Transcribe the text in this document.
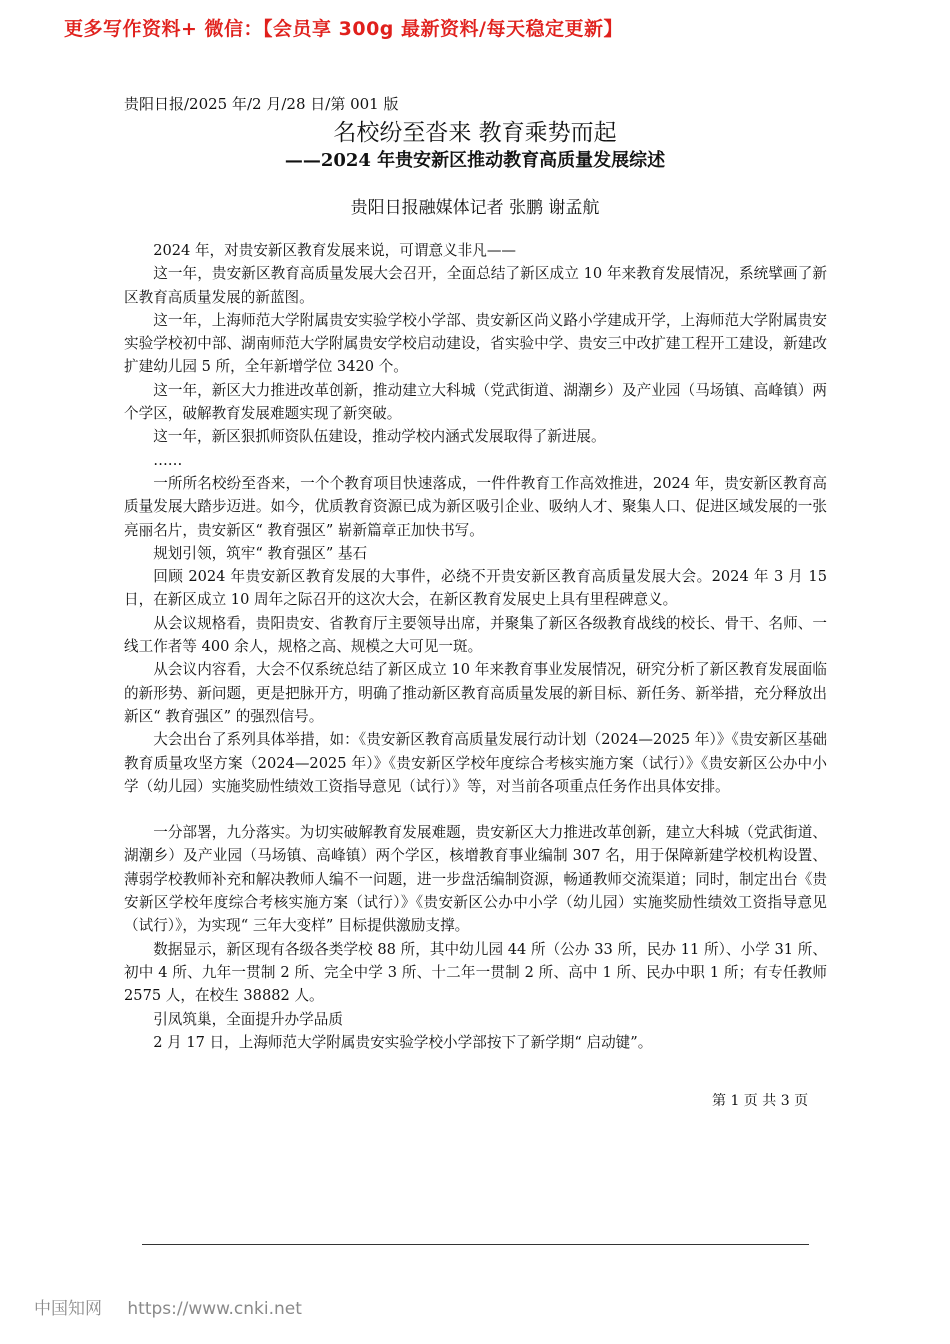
更多写作资料+ 微信：【会员享 300g 最新资料/每天稳定更新】
贵阳日报/2025 年/2 月/28 日/第 001 版
名校纷至沓来 教育乘势而起
——2024 年贵安新区推动教育高质量发展综述
贵阳日报融媒体记者 张鹏 谢孟航

2024 年，对贵安新区教育发展来说，可谓意义非凡——

这一年，贵安新区教育高质量发展大会召开，全面总结了新区成立 10 年来教育发展情况，系统擘画了新区教育高质量发展的新蓝图。

这一年，上海师范大学附属贵安实验学校小学部、贵安新区尚义路小学建成开学，上海师范大学附属贵安实验学校初中部、湖南师范大学附属贵安学校启动建设，省实验中学、贵安三中改扩建工程开工建设，新建改扩建幼儿园 5 所，全年新增学位 3420 个。

这一年，新区大力推进改革创新，推动建立大科城（党武街道、湖潮乡）及产业园（马场镇、高峰镇）两个学区，破解教育发展难题实现了新突破。

这一年，新区狠抓师资队伍建设，推动学校内涵式发展取得了新进展。

……

一所所名校纷至沓来，一个个教育项目快速落成，一件件教育工作高效推进，2024 年，贵安新区教育高质量发展大踏步迈进。如今，优质教育资源已成为新区吸引企业、吸纳人才、聚集人口、促进区域发展的一张亮丽名片，贵安新区“ 教育强区” 崭新篇章正加快书写。

规划引领，筑牢“ 教育强区” 基石

回顾 2024 年贵安新区教育发展的大事件，必绕不开贵安新区教育高质量发展大会。2024 年 3 月 15 日，在新区成立 10 周年之际召开的这次大会，在新区教育发展史上具有里程碑意义。

从会议规格看，贵阳贵安、省教育厅主要领导出席，并聚集了新区各级教育战线的校长、骨干、名师、一线工作者等 400 余人，规格之高、规模之大可见一斑。

从会议内容看，大会不仅系统总结了新区成立 10 年来教育事业发展情况，研究分析了新区教育发展面临的新形势、新问题，更是把脉开方，明确了推动新区教育高质量发展的新目标、新任务、新举措，充分释放出新区“ 教育强区” 的强烈信号。

大会出台了系列具体举措，如：《贵安新区教育高质量发展行动计划（2024—2025 年）》《贵安新区基础教育质量攻坚方案（2024—2025 年）》《贵安新区学校年度综合考核实施方案（试行）》《贵安新区公办中小学（幼儿园）实施奖励性绩效工资指导意见（试行）》等，对当前各项重点任务作出具体安排。

一分部署，九分落实。为切实破解教育发展难题，贵安新区大力推进改革创新，建立大科城（党武街道、湖潮乡）及产业园（马场镇、高峰镇）两个学区，核增教育事业编制 307 名，用于保障新建学校机构设置、薄弱学校教师补充和解决教师人编不一问题，进一步盘活编制资源，畅通教师交流渠道；同时，制定出台《贵安新区学校年度综合考核实施方案（试行）》《贵安新区公办中小学（幼儿园）实施奖励性绩效工资指导意见（试行）》，为实现“ 三年大变样” 目标提供激励支撑。

数据显示，新区现有各级各类学校 88 所，其中幼儿园 44 所（公办 33 所，民办 11 所）、小学 31 所、初中 4 所、九年一贯制 2 所、完全中学 3 所、十二年一贯制 2 所、高中 1 所、民办中职 1 所；有专任教师 2575 人，在校生 38882 人。

引凤筑巢，全面提升办学品质

2 月 17 日，上海师范大学附属贵安实验学校小学部按下了新学期“ 启动键”。

第 1 页 共 3 页
中国知网 https://www.cnki.net
